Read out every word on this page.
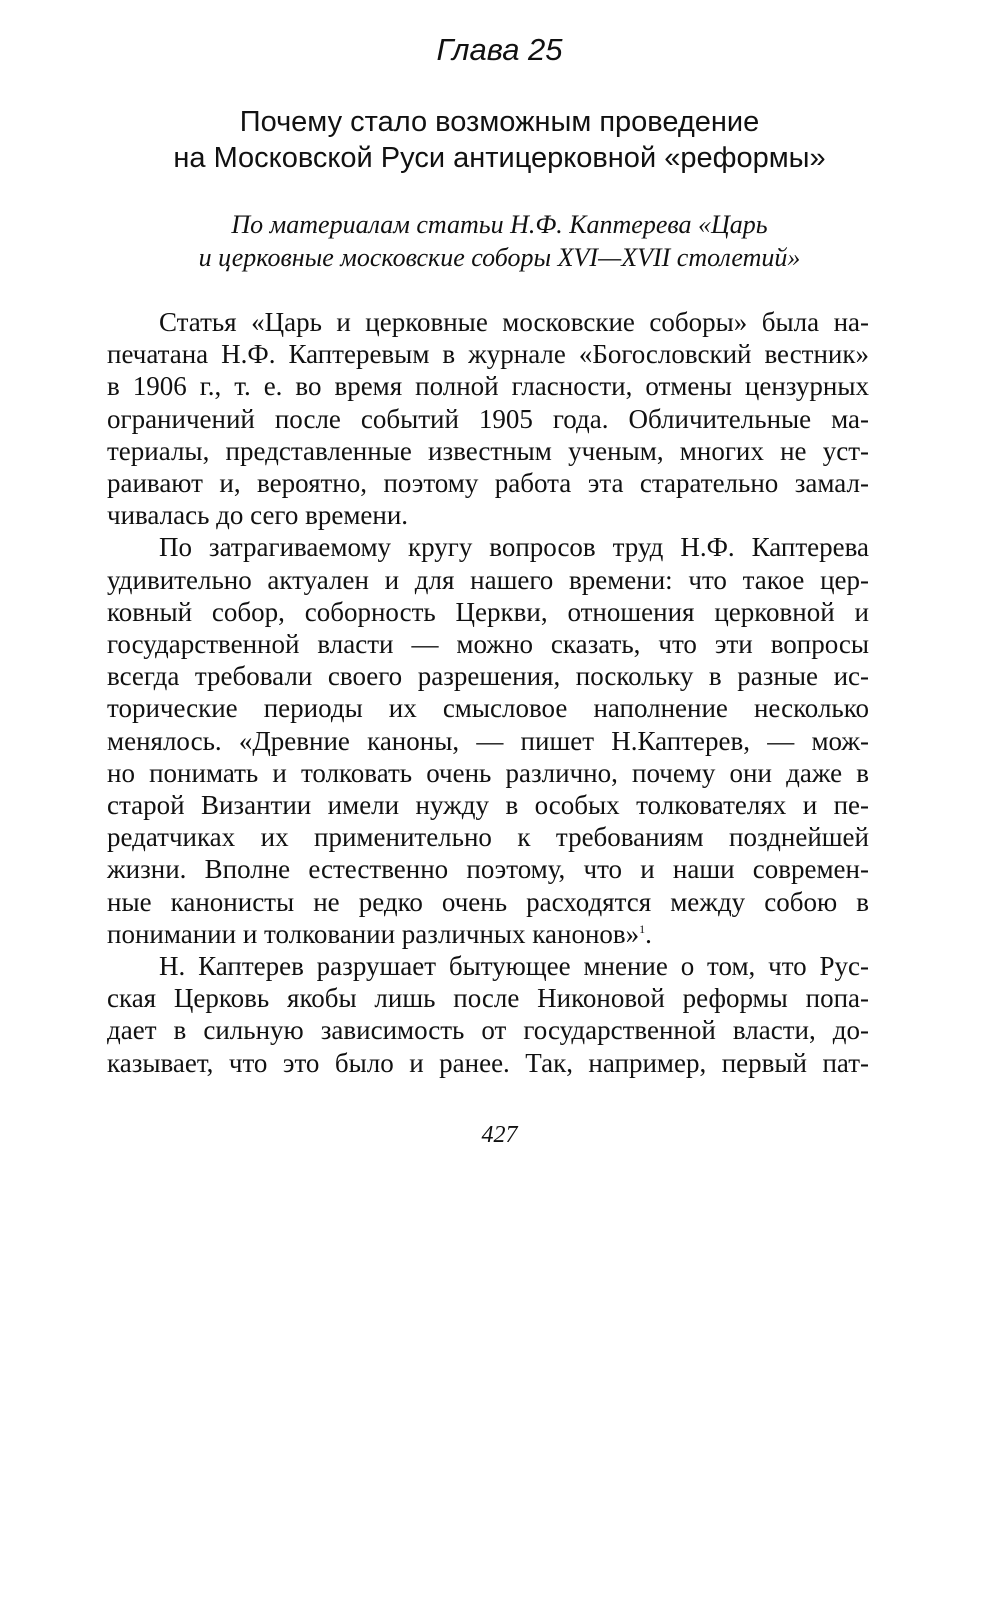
Глава 25
Почему стало возможным проведение
на Московской Руси антицерковной «реформы»
По материалам статьи Н.Ф. Каптерева «Царь
и церковные московские соборы XVI—XVII столетий»

Статья «Царь и церковные московские соборы» была на-
печатана Н.Ф. Каптеревым в журнале «Богословский вестник»
в 1906 г., т. е. во время полной гласности, отмены цензурных
ограничений после событий 1905 года. Обличительные ма-
териалы, представленные известным ученым, многих не уст-
раивают и, вероятно, поэтому работа эта старательно замал-
чивалась до сего времени.

По затрагиваемому кругу вопросов труд Н.Ф. Каптерева
удивительно актуален и для нашего времени: что такое цер-
ковный собор, соборность Церкви, отношения церковной и
государственной власти — можно сказать, что эти вопросы
всегда требовали своего разрешения, поскольку в разные ис-
торические периоды их смысловое наполнение несколько
менялось. «Древние каноны, — пишет Н.Каптерев, — мож-
но понимать и толковать очень различно, почему они даже в
старой Византии имели нужду в особых толкователях и пе-
редатчиках их применительно к требованиям позднейшей
жизни. Вполне естественно поэтому, что и наши современ-
ные канонисты не редко очень расходятся между собою в
понимании и толковании различных канонов»$^1$.

Н. Каптерев разрушает бытующее мнение о том, что Рус-
ская Церковь якобы лишь после Никоновой реформы попа-
дает в сильную зависимость от государственной власти, до-
казывает, что это было и ранее. Так, например, первый пат-

427
